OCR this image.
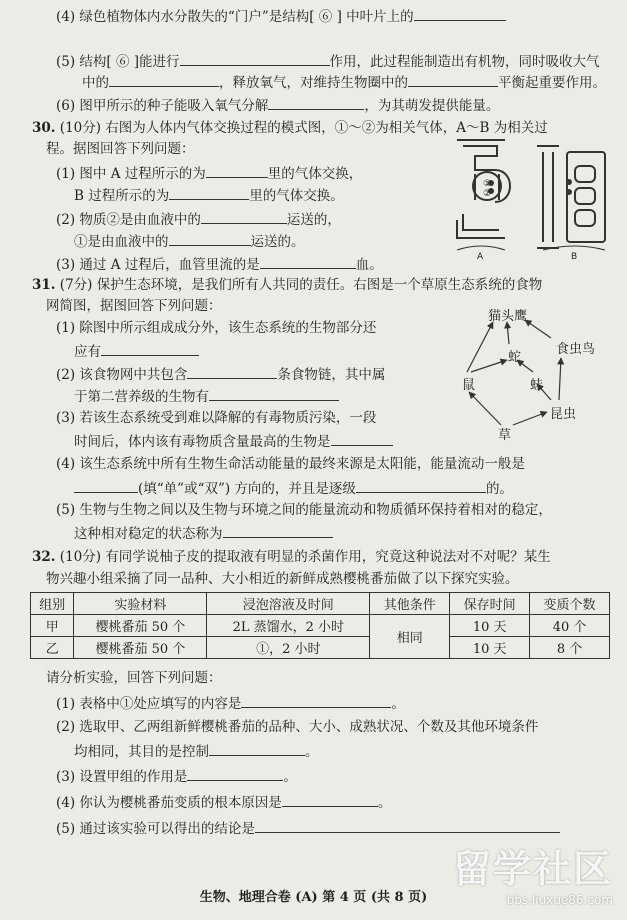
(4) 绿色植物体内水分散失的“门户”是结构[ ⑥ ] 中叶片上的
(5) 结构[ ⑥ ]能进行	作用，此过程能制造出有机物，同时吸收大气
中的	，释放氧气，对维持生物圈中的	平衡起重要作用。
(6) 图甲所示的种子能吸入氧气分解	，为其萌发提供能量。
30. (10分) 右图为人体内气体交换过程的模式图，①～②为相关气体，A～B 为相关过
程。据图回答下列问题：
(1) 图中 A 过程所示的为	里的气体交换，
B 过程所示的为	里的气体交换。
(2) 物质②是由血液中的	运送的，
①是由血液中的	运送的。
(3) 通过 A 过程后，血管里流的是	血。
①
②
A	B
31. (7分) 保护生态环境，是我们所有人共同的责任。右图是一个草原生态系统的食物
网简图，据图回答下列问题：
(1) 除图中所示组成成分外，该生态系统的生物部分还
应有
(2) 该食物网中共包含	条食物链，其中属
于第二营养级的生物有
(3) 若该生态系统受到难以降解的有毒物质污染，一段
时间后，体内该有毒物质含量最高的生物是
(4) 该生态系统中所有生物生命活动能量的最终来源是太阳能，能量流动一般是
(填“单”或“双”) 方向的，并且是逐级	的。
(5) 生物与生物之间以及生物与环境之间的能量流动和物质循环保持着相对的稳定，
这种相对稳定的状态称为
猫头鹰
蛇
食虫鸟
鼠	蛙
昆虫
草
32. (10分) 有同学说柚子皮的提取液有明显的杀菌作用，究竟这种说法对不对呢？某生
物兴趣小组采摘了同一品种、大小相近的新鲜成熟樱桃番茄做了以下探究实验。
组别	实验材料	浸泡溶液及时间	其他条件	保存时间	变质个数
甲	樱桃番茄 50 个	2L 蒸馏水，2 小时	相同	10 天	40 个
乙	樱桃番茄 50 个	①，2 小时		10 天	8 个
请分析实验，回答下列问题：
(1) 表格中①处应填写的内容是	。
(2) 选取甲、乙两组新鲜樱桃番茄的品种、大小、成熟状况、个数及其他环境条件
均相同，其目的是控制	。
(3) 设置甲组的作用是	。
(4) 你认为樱桃番茄变质的根本原因是	。
(5) 通过该实验可以得出的结论是
生物、地理合卷 (A) 第 4 页 (共 8 页)
留学社区
bbs.liuxue86.com
